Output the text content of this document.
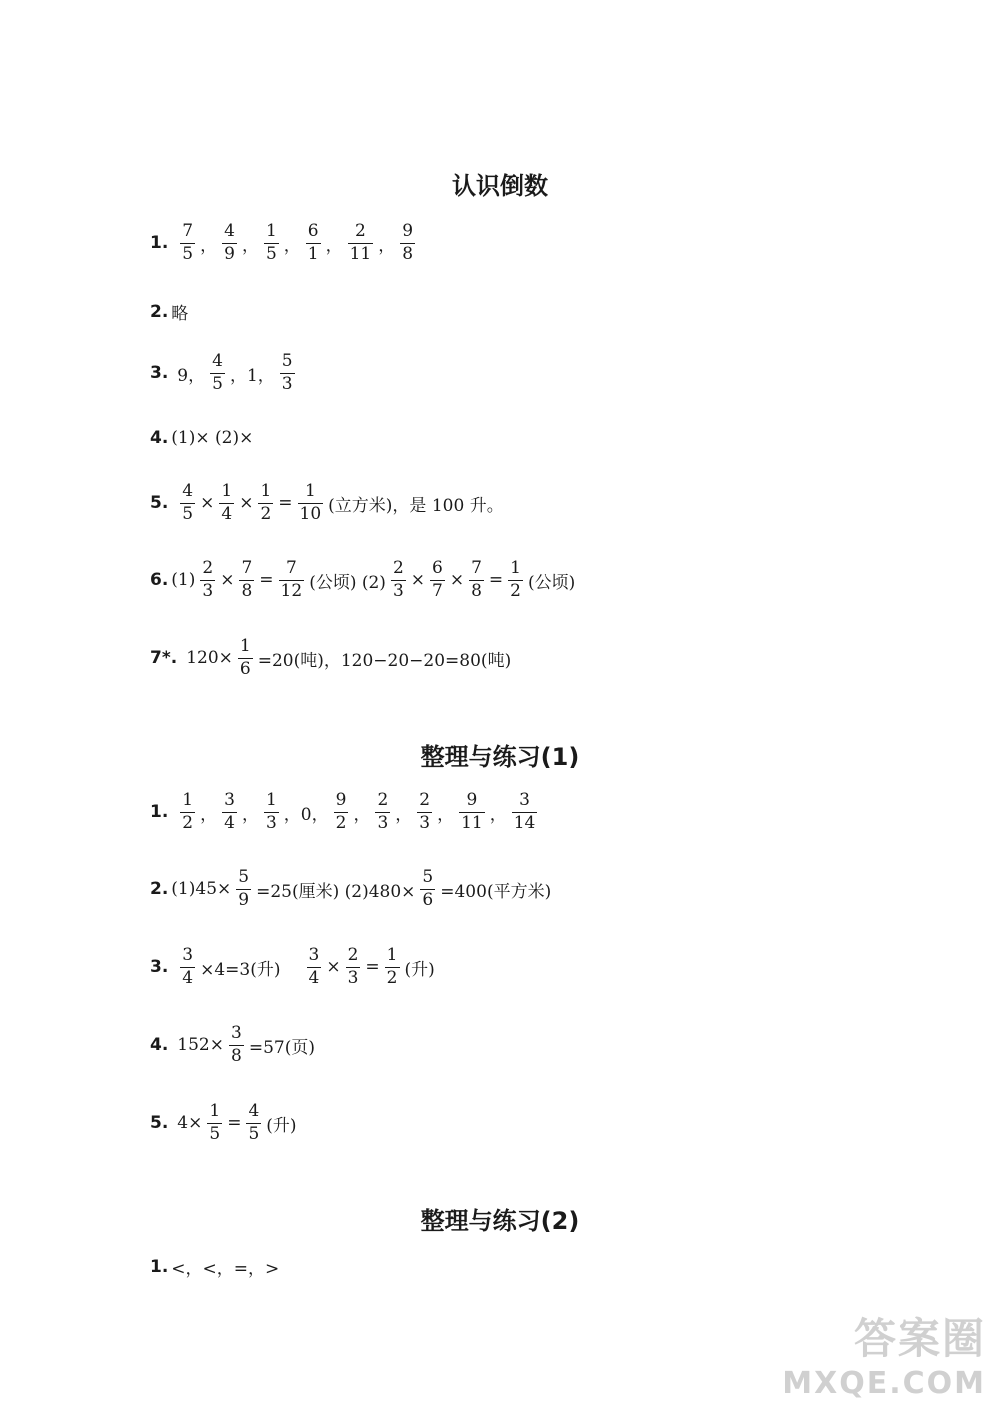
认识倒数
1. $\frac{7}{5}$ ， $\frac{4}{9}$ ， $\frac{1}{5}$ ， $\frac{6}{1}$ ， $\frac{2}{11}$ ， $\frac{9}{8}$
2. 略
3. 9， $\frac{4}{5}$ ，1， $\frac{5}{3}$
4. (1)× (2)×
5. $\frac{4}{5} \times \frac{1}{4} \times \frac{1}{2} = \frac{1}{10}$ (立方米)，是 100 升。
6. $(1) \frac{2}{3} \times \frac{7}{8} = \frac{7}{12}$ (公顷) $(2) \frac{2}{3} \times \frac{6}{7} \times \frac{7}{8} = \frac{1}{2}$ (公顷)
7*. $120\times \frac{1}{6} =20$(吨)，120−20−20=80(吨)
整理与练习(1)
1. $\frac{1}{2}$ ， $\frac{3}{4}$ ， $\frac{1}{3}$ ，0， $\frac{9}{2}$ ， $\frac{2}{3}$ ， $\frac{2}{3}$ ， $\frac{9}{11}$ ， $\frac{3}{14}$
2. $(1)45\times \frac{5}{9} =25$(厘米) $(2)480\times \frac{5}{6} =400$(平方米)
3. $\frac{3}{4} \times 4=3$(升) $\frac{3}{4} \times \frac{2}{3} = \frac{1}{2}$ (升)
4. $152\times \frac{3}{8} =57$(页)
5. $4\times \frac{1}{5} = \frac{4}{5}$ (升)
整理与练习(2)
1. <，<，=，>
答案圈
MXQE.COM
